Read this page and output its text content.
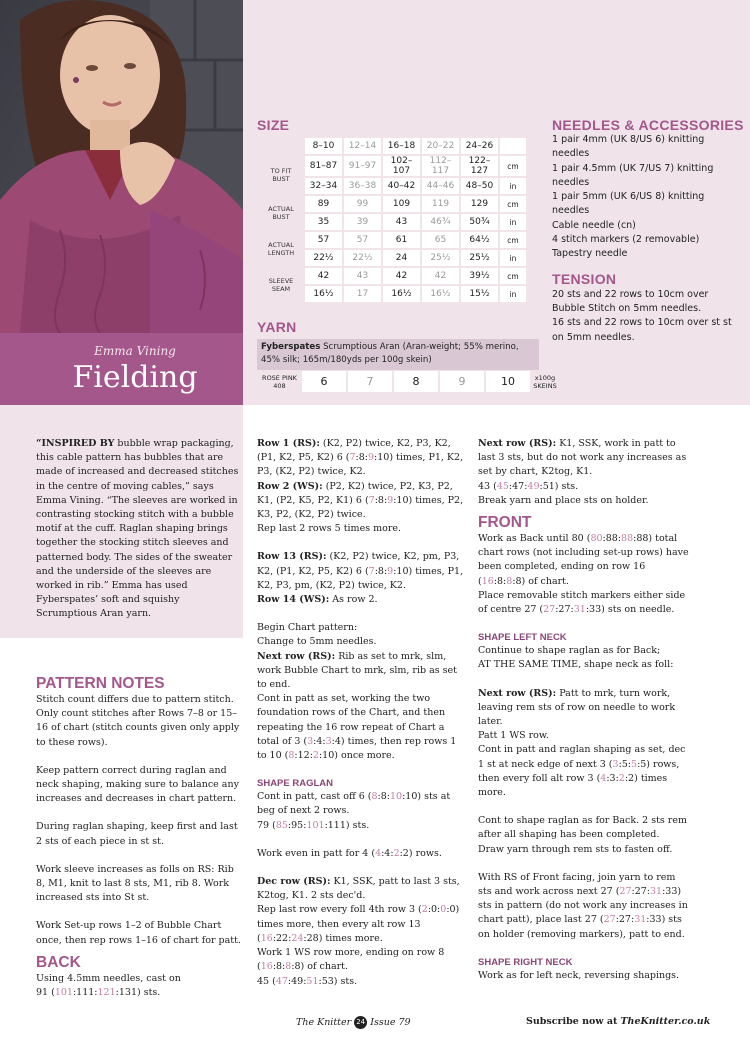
Emma Vining
Fielding
SIZE
	8–10	12–14	16–18	20–22	24–26	
TO FIT BUST	81–87	91–97	102–107	112–117	122–127	cm
	32–34	36–38	40–42	44–46	48–50	in
ACTUAL BUST	89	99	109	119	129	cm
	35	39	43	46¾	50¾	in
ACTUAL LENGTH	57	57	61	65	64½	cm
	22½	22½	24	25½	25½	in
SLEEVE SEAM	42	43	42	42	39½	cm
	16½	17	16½	16½	15½	in
YARN
Fyberspates Scrumptious Aran (Aran-weight; 55% merino, 45% silk; 165m/180yds per 100g skein)
ROSE PINK 408	6	7	8	9	10	x100g SKEINS
NEEDLES & ACCESSORIES
1 pair 4mm (UK 8/US 6) knitting needles
1 pair 4.5mm (UK 7/US 7) knitting needles
1 pair 5mm (UK 6/US 8) knitting needles
Cable needle (cn)
4 stitch markers (2 removable)
Tapestry needle
TENSION
20 sts and 22 rows to 10cm over Bubble Stitch on 5mm needles.
16 sts and 22 rows to 10cm over st st on 5mm needles.

“INSPIRED BY bubble wrap packaging, this cable pattern has bubbles that are made of increased and decreased stitches in the centre of moving cables,” says Emma Vining. “The sleeves are worked in contrasting stocking stitch with a bubble motif at the cuff. Raglan shaping brings together the stocking stitch sleeves and patterned body. The sides of the sweater and the underside of the sleeves are worked in rib.” Emma has used Fyberspates’ soft and squishy Scrumptious Aran yarn.

PATTERN NOTES

Stitch count differs due to pattern stitch. Only count stitches after Rows 7–8 or 15–16 of chart (stitch counts given only apply to these rows).

Keep pattern correct during raglan and neck shaping, making sure to balance any increases and decreases in chart pattern.

During raglan shaping, keep first and last 2 sts of each piece in st st.

Work sleeve increases as folls on RS: Rib 8, M1, knit to last 8 sts, M1, rib 8. Work increased sts into St st.

Work Set-up rows 1–2 of Bubble Chart once, then rep rows 1–16 of chart for patt.

BACK

Using 4.5mm needles, cast on
91 (101:111:121:131) sts.

Row 1 (RS): (K2, P2) twice, K2, P3, K2, (P1, K2, P5, K2) 6 (7:8:9:10) times, P1, K2, P3, (K2, P2) twice, K2.

Row 2 (WS): (P2, K2) twice, P2, K3, P2, K1, (P2, K5, P2, K1) 6 (7:8:9:10) times, P2, K3, P2, (K2, P2) twice.

Rep last 2 rows 5 times more.

Row 13 (RS): (K2, P2) twice, K2, pm, P3, K2, (P1, K2, P5, K2) 6 (7:8:9:10) times, P1, K2, P3, pm, (K2, P2) twice, K2.

Row 14 (WS): As row 2.

Begin Chart pattern:

Change to 5mm needles.

Next row (RS): Rib as set to mrk, slm, work Bubble Chart to mrk, slm, rib as set to end.

Cont in patt as set, working the two foundation rows of the Chart, and then repeating the 16 row repeat of Chart a total of 3 (3:4:3:4) times, then rep rows 1 to 10 (8:12:2:10) once more.

SHAPE RAGLAN

Cont in patt, cast off 6 (8:8:10:10) sts at beg of next 2 rows.

79 (85:95:101:111) sts.

Work even in patt for 4 (4:4:2:2) rows.

Dec row (RS): K1, SSK, patt to last 3 sts, K2tog, K1. 2 sts dec'd.

Rep last row every foll 4th row 3 (2:0:0:0) times more, then every alt row 13 (16:22:24:28) times more.

Work 1 WS row more, ending on row 8 (16:8:8:8) of chart.

45 (47:49:51:53) sts.

Next row (RS): K1, SSK, work in patt to last 3 sts, but do not work any increases as set by chart, K2tog, K1.

43 (45:47:49:51) sts.

Break yarn and place sts on holder.

FRONT

Work as Back until 80 (80:88:88:88) total chart rows (not including set-up rows) have been completed, ending on row 16 (16:8:8:8) of chart.

Place removable stitch markers either side of centre 27 (27:27:31:33) sts on needle.

SHAPE LEFT NECK

Continue to shape raglan as for Back;

AT THE SAME TIME, shape neck as foll:

Next row (RS): Patt to mrk, turn work, leaving rem sts of row on needle to work later.

Patt 1 WS row.

Cont in patt and raglan shaping as set, dec 1 st at neck edge of next 3 (3:5:5:5) rows, then every foll alt row 3 (4:3:2:2) times more.

Cont to shape raglan as for Back. 2 sts rem after all shaping has been completed.

Draw yarn through rem sts to fasten off.

With RS of Front facing, join yarn to rem sts and work across next 27 (27:27:31:33) sts in pattern (do not work any increases in chart patt), place last 27 (27:27:31:33) sts on holder (removing markers), patt to end.

SHAPE RIGHT NECK

Work as for left neck, reversing shapings.

The Knitter 24 Issue 79	Subscribe now at TheKnitter.co.uk
